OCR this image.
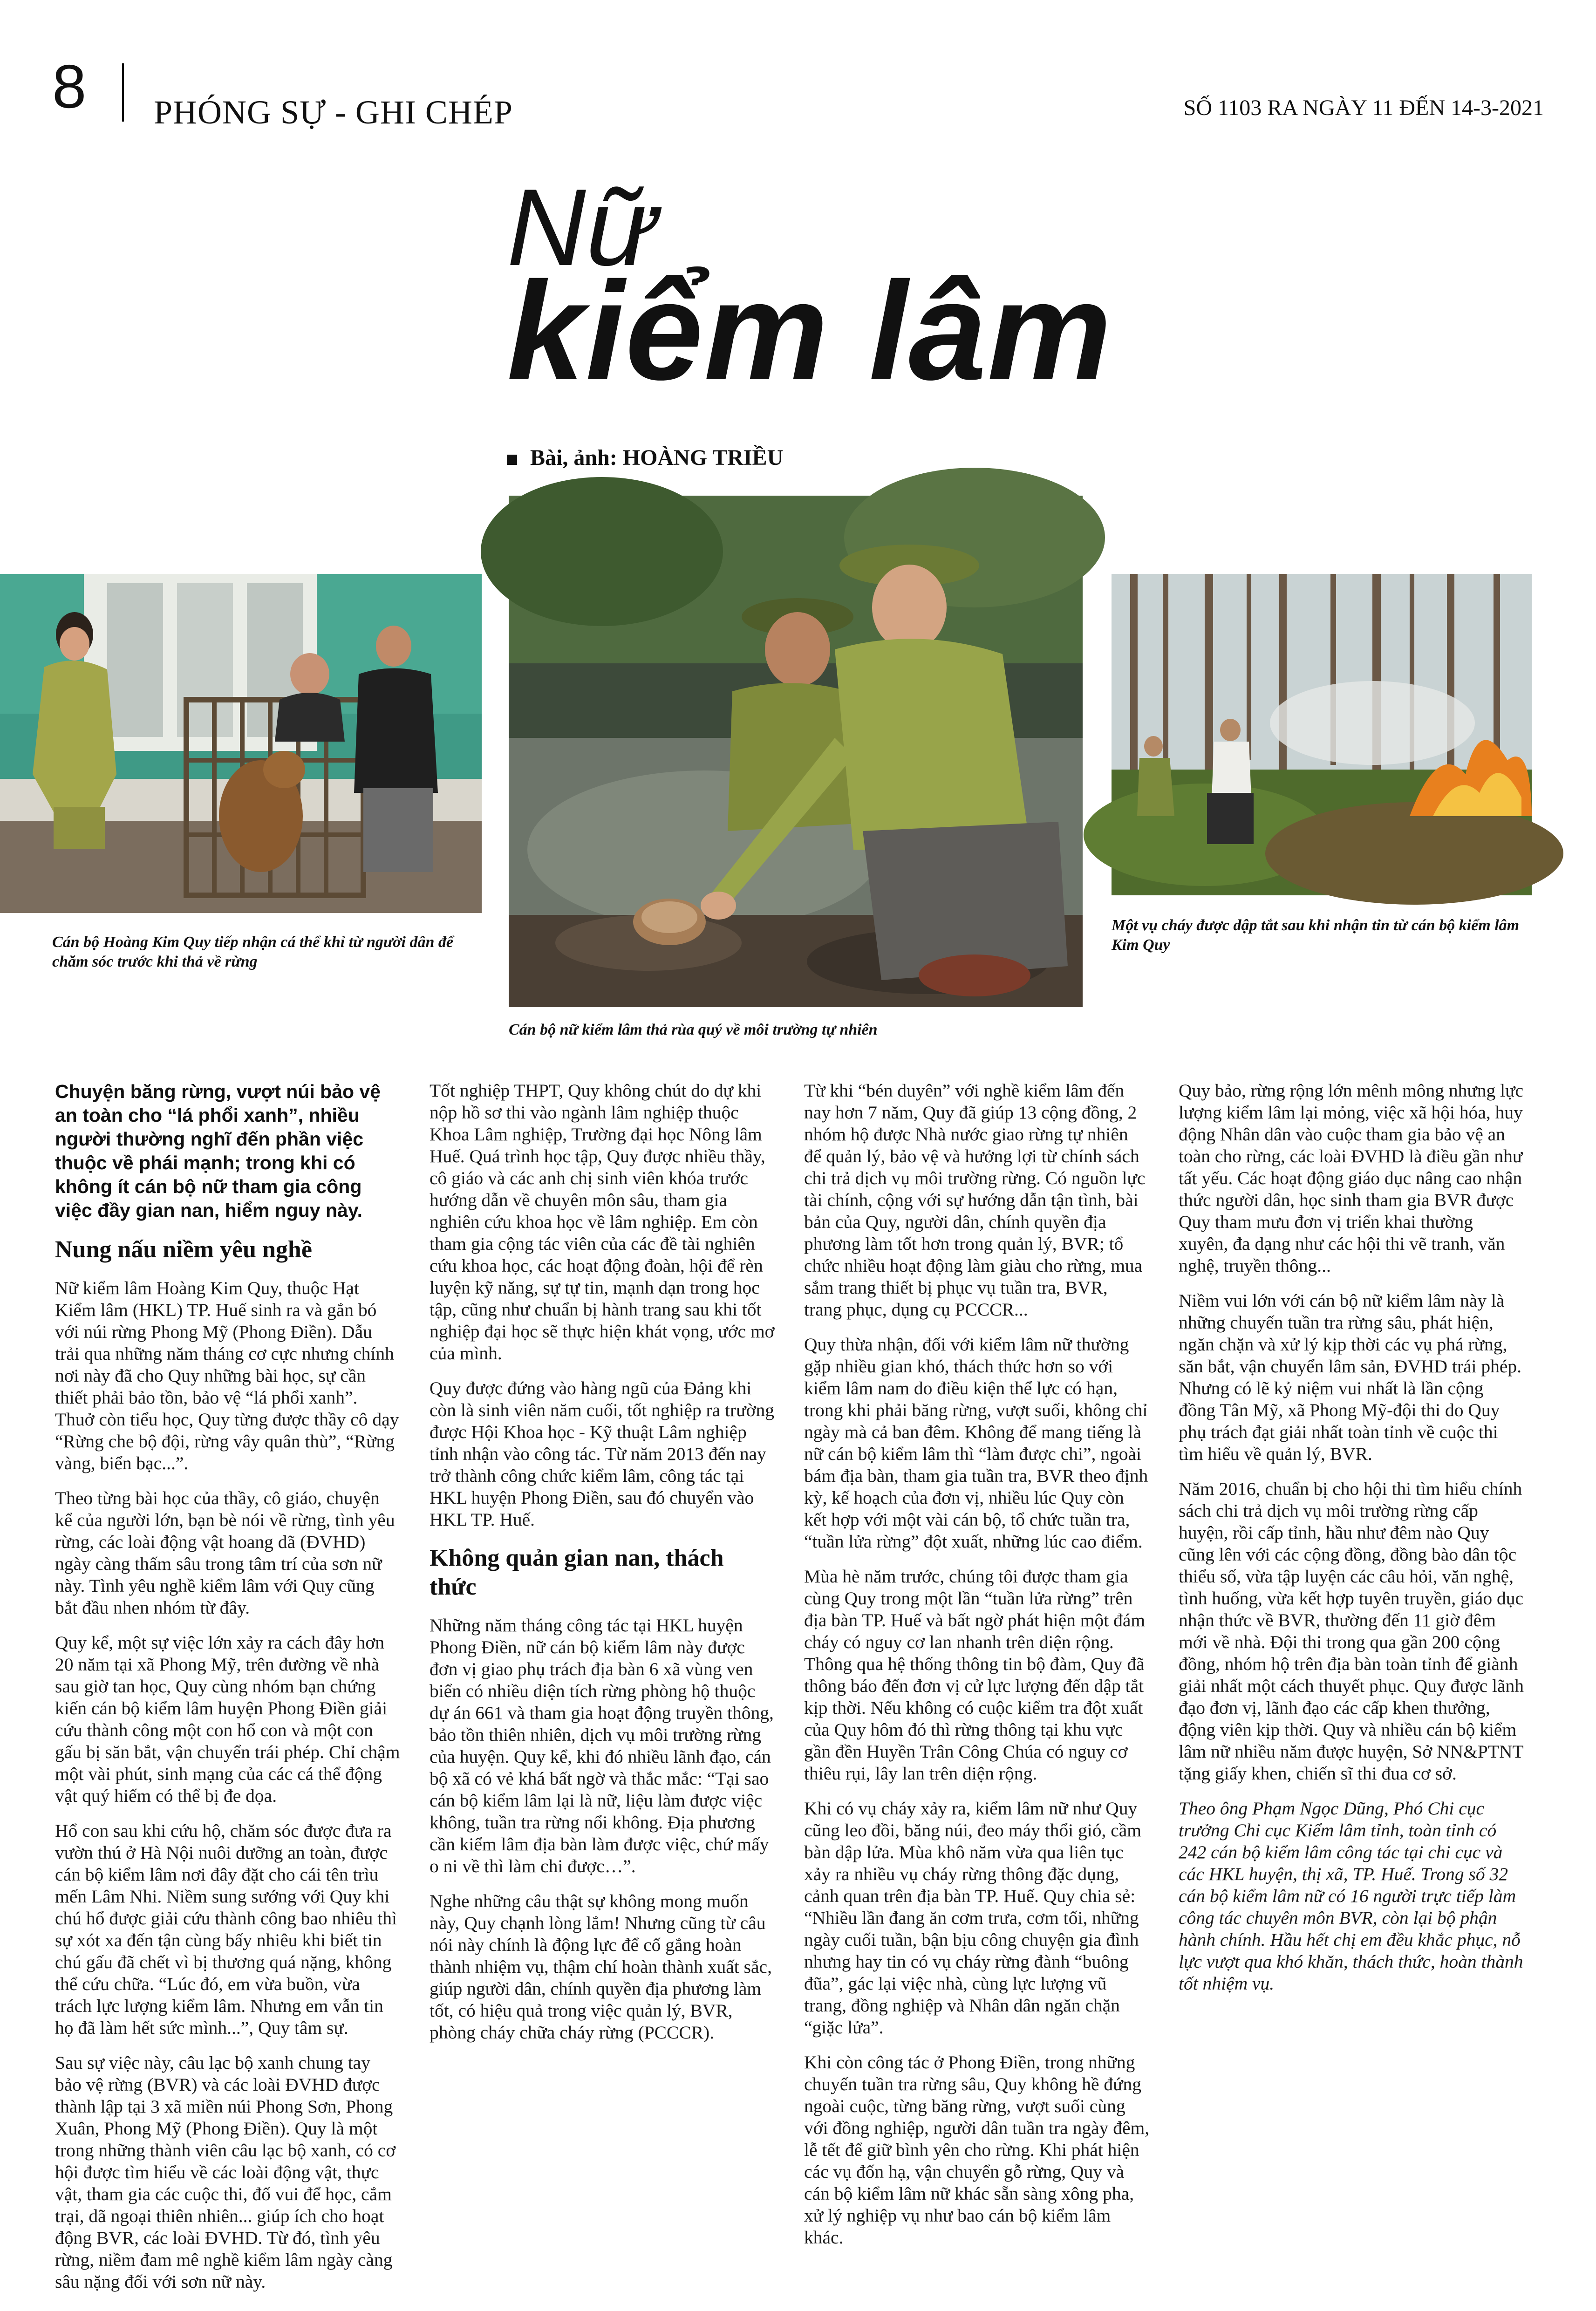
8 PHÓNG SỰ - GHI CHÉP	SỐ 1103 RA NGÀY 11 ĐẾN 14-3-2021
Nữ
kiểm lâm
Bài, ảnh: HOÀNG TRIỀU
Cán bộ Hoàng Kim Quy tiếp nhận cá thể khỉ từ người dân để chăm sóc trước khi thả về rừng
Cán bộ nữ kiểm lâm thả rùa quý về môi trường tự nhiên
Một vụ cháy được dập tắt sau khi nhận tin từ cán bộ kiểm lâm Kim Quy

Chuyện băng rừng, vượt núi bảo vệ an toàn cho “lá phổi xanh”, nhiều người thường nghĩ đến phần việc thuộc về phái mạnh; trong khi có không ít cán bộ nữ tham gia công việc đầy gian nan, hiểm nguy này.

Nung nấu niềm yêu nghề

Nữ kiểm lâm Hoàng Kim Quy, thuộc Hạt Kiểm lâm (HKL) TP. Huế sinh ra và gắn bó với núi rừng Phong Mỹ (Phong Điền). Dẫu trải qua những năm tháng cơ cực nhưng chính nơi này đã cho Quy những bài học, sự cần thiết phải bảo tồn, bảo vệ “lá phổi xanh”. Thuở còn tiểu học, Quy từng được thầy cô dạy “Rừng che bộ đội, rừng vây quân thù”, “Rừng vàng, biển bạc...”.

Theo từng bài học của thầy, cô giáo, chuyện kể của người lớn, bạn bè nói về rừng, tình yêu rừng, các loài động vật hoang dã (ĐVHD) ngày càng thấm sâu trong tâm trí của sơn nữ này. Tình yêu nghề kiểm lâm với Quy cũng bắt đầu nhen nhóm từ đây.

Quy kể, một sự việc lớn xảy ra cách đây hơn 20 năm tại xã Phong Mỹ, trên đường về nhà sau giờ tan học, Quy cùng nhóm bạn chứng kiến cán bộ kiểm lâm huyện Phong Điền giải cứu thành công một con hổ con và một con gấu bị săn bắt, vận chuyển trái phép. Chỉ chậm một vài phút, sinh mạng của các cá thể động vật quý hiếm có thể bị đe dọa.

Hổ con sau khi cứu hộ, chăm sóc được đưa ra vườn thú ở Hà Nội nuôi dưỡng an toàn, được cán bộ kiểm lâm nơi đây đặt cho cái tên trìu mến Lâm Nhi. Niềm sung sướng với Quy khi chú hổ được giải cứu thành công bao nhiêu thì sự xót xa đến tận cùng bấy nhiêu khi biết tin chú gấu đã chết vì bị thương quá nặng, không thể cứu chữa. “Lúc đó, em vừa buồn, vừa trách lực lượng kiểm lâm. Nhưng em vẫn tin họ đã làm hết sức mình...”, Quy tâm sự.

Sau sự việc này, câu lạc bộ xanh chung tay bảo vệ rừng (BVR) và các loài ĐVHD được thành lập tại 3 xã miền núi Phong Sơn, Phong Xuân, Phong Mỹ (Phong Điền). Quy là một trong những thành viên câu lạc bộ xanh, có cơ hội được tìm hiểu về các loài động vật, thực vật, tham gia các cuộc thi, đố vui để học, cắm trại, dã ngoại thiên nhiên... giúp ích cho hoạt động BVR, các loài ĐVHD. Từ đó, tình yêu rừng, niềm đam mê nghề kiểm lâm ngày càng sâu nặng đối với sơn nữ này.

Tốt nghiệp THPT, Quy không chút do dự khi nộp hồ sơ thi vào ngành lâm nghiệp thuộc Khoa Lâm nghiệp, Trường đại học Nông lâm Huế. Quá trình học tập, Quy được nhiều thầy, cô giáo và các anh chị sinh viên khóa trước hướng dẫn về chuyên môn sâu, tham gia nghiên cứu khoa học về lâm nghiệp. Em còn tham gia cộng tác viên của các đề tài nghiên cứu khoa học, các hoạt động đoàn, hội để rèn luyện kỹ năng, sự tự tin, mạnh dạn trong học tập, cũng như chuẩn bị hành trang sau khi tốt nghiệp đại học sẽ thực hiện khát vọng, ước mơ của mình.

Quy được đứng vào hàng ngũ của Đảng khi còn là sinh viên năm cuối, tốt nghiệp ra trường được Hội Khoa học - Kỹ thuật Lâm nghiệp tỉnh nhận vào công tác. Từ năm 2013 đến nay trở thành công chức kiểm lâm, công tác tại HKL huyện Phong Điền, sau đó chuyển vào HKL TP. Huế.

Không quản gian nan, thách thức

Những năm tháng công tác tại HKL huyện Phong Điền, nữ cán bộ kiểm lâm này được đơn vị giao phụ trách địa bàn 6 xã vùng ven biển có nhiều diện tích rừng phòng hộ thuộc dự án 661 và tham gia hoạt động truyền thông, bảo tồn thiên nhiên, dịch vụ môi trường rừng của huyện. Quy kể, khi đó nhiều lãnh đạo, cán bộ xã có vẻ khá bất ngờ và thắc mắc: “Tại sao cán bộ kiểm lâm lại là nữ, liệu làm được việc không, tuần tra rừng nổi không. Địa phương cần kiểm lâm địa bàn làm được việc, chứ mấy o ni về thì làm chi được…”.

Nghe những câu thật sự không mong muốn này, Quy chạnh lòng lắm! Nhưng cũng từ câu nói này chính là động lực để cố gắng hoàn thành nhiệm vụ, thậm chí hoàn thành xuất sắc, giúp người dân, chính quyền địa phương làm tốt, có hiệu quả trong việc quản lý, BVR, phòng cháy chữa cháy rừng (PCCCR).

Từ khi “bén duyên” với nghề kiểm lâm đến nay hơn 7 năm, Quy đã giúp 13 cộng đồng, 2 nhóm hộ được Nhà nước giao rừng tự nhiên để quản lý, bảo vệ và hưởng lợi từ chính sách chi trả dịch vụ môi trường rừng. Có nguồn lực tài chính, cộng với sự hướng dẫn tận tình, bài bản của Quy, người dân, chính quyền địa phương làm tốt hơn trong quản lý, BVR; tổ chức nhiều hoạt động làm giàu cho rừng, mua sắm trang thiết bị phục vụ tuần tra, BVR, trang phục, dụng cụ PCCCR...

Quy thừa nhận, đối với kiểm lâm nữ thường gặp nhiều gian khó, thách thức hơn so với kiểm lâm nam do điều kiện thể lực có hạn, trong khi phải băng rừng, vượt suối, không chỉ ngày mà cả ban đêm. Không để mang tiếng là nữ cán bộ kiểm lâm thì “làm được chi”, ngoài bám địa bàn, tham gia tuần tra, BVR theo định kỳ, kế hoạch của đơn vị, nhiều lúc Quy còn kết hợp với một vài cán bộ, tổ chức tuần tra, “tuần lửa rừng” đột xuất, những lúc cao điểm.

Mùa hè năm trước, chúng tôi được tham gia cùng Quy trong một lần “tuần lửa rừng” trên địa bàn TP. Huế và bất ngờ phát hiện một đám cháy có nguy cơ lan nhanh trên diện rộng. Thông qua hệ thống thông tin bộ đàm, Quy đã thông báo đến đơn vị cử lực lượng đến dập tắt kịp thời. Nếu không có cuộc kiểm tra đột xuất của Quy hôm đó thì rừng thông tại khu vực gần đền Huyền Trân Công Chúa có nguy cơ thiêu rụi, lây lan trên diện rộng.

Khi có vụ cháy xảy ra, kiểm lâm nữ như Quy cũng leo đồi, băng núi, đeo máy thổi gió, cầm bàn dập lửa. Mùa khô năm vừa qua liên tục xảy ra nhiều vụ cháy rừng thông đặc dụng, cảnh quan trên địa bàn TP. Huế. Quy chia sẻ: “Nhiều lần đang ăn cơm trưa, cơm tối, những ngày cuối tuần, bận bịu công chuyện gia đình nhưng hay tin có vụ cháy rừng đành “buông đũa”, gác lại việc nhà, cùng lực lượng vũ trang, đồng nghiệp và Nhân dân ngăn chặn “giặc lửa”.

Khi còn công tác ở Phong Điền, trong những chuyến tuần tra rừng sâu, Quy không hề đứng ngoài cuộc, từng băng rừng, vượt suối cùng với đồng nghiệp, người dân tuần tra ngày đêm, lễ tết để giữ bình yên cho rừng. Khi phát hiện các vụ đốn hạ, vận chuyển gỗ rừng, Quy và cán bộ kiểm lâm nữ khác sẵn sàng xông pha, xử lý nghiệp vụ như bao cán bộ kiểm lâm khác.

Quy bảo, rừng rộng lớn mênh mông nhưng lực lượng kiểm lâm lại mỏng, việc xã hội hóa, huy động Nhân dân vào cuộc tham gia bảo vệ an toàn cho rừng, các loài ĐVHD là điều gần như tất yếu. Các hoạt động giáo dục nâng cao nhận thức người dân, học sinh tham gia BVR được Quy tham mưu đơn vị triển khai thường xuyên, đa dạng như các hội thi vẽ tranh, văn nghệ, truyền thông...

Niềm vui lớn với cán bộ nữ kiểm lâm này là những chuyến tuần tra rừng sâu, phát hiện, ngăn chặn và xử lý kịp thời các vụ phá rừng, săn bắt, vận chuyển lâm sản, ĐVHD trái phép. Nhưng có lẽ kỷ niệm vui nhất là lần cộng đồng Tân Mỹ, xã Phong Mỹ-đội thi do Quy phụ trách đạt giải nhất toàn tỉnh về cuộc thi tìm hiểu về quản lý, BVR.

Năm 2016, chuẩn bị cho hội thi tìm hiểu chính sách chi trả dịch vụ môi trường rừng cấp huyện, rồi cấp tỉnh, hầu như đêm nào Quy cũng lên với các cộng đồng, đồng bào dân tộc thiểu số, vừa tập luyện các câu hỏi, văn nghệ, tình huống, vừa kết hợp tuyên truyền, giáo dục nhận thức về BVR, thường đến 11 giờ đêm mới về nhà. Đội thi trong qua gần 200 cộng đồng, nhóm hộ trên địa bàn toàn tỉnh để giành giải nhất một cách thuyết phục. Quy được lãnh đạo đơn vị, lãnh đạo các cấp khen thưởng, động viên kịp thời. Quy và nhiều cán bộ kiểm lâm nữ nhiều năm được huyện, Sở NN&PTNT tặng giấy khen, chiến sĩ thi đua cơ sở.

Theo ông Phạm Ngọc Dũng, Phó Chi cục trưởng Chi cục Kiểm lâm tỉnh, toàn tỉnh có 242 cán bộ kiểm lâm công tác tại chi cục và các HKL huyện, thị xã, TP. Huế. Trong số 32 cán bộ kiểm lâm nữ có 16 người trực tiếp làm công tác chuyên môn BVR, còn lại bộ phận hành chính. Hầu hết chị em đều khắc phục, nỗ lực vượt qua khó khăn, thách thức, hoàn thành tốt nhiệm vụ.
